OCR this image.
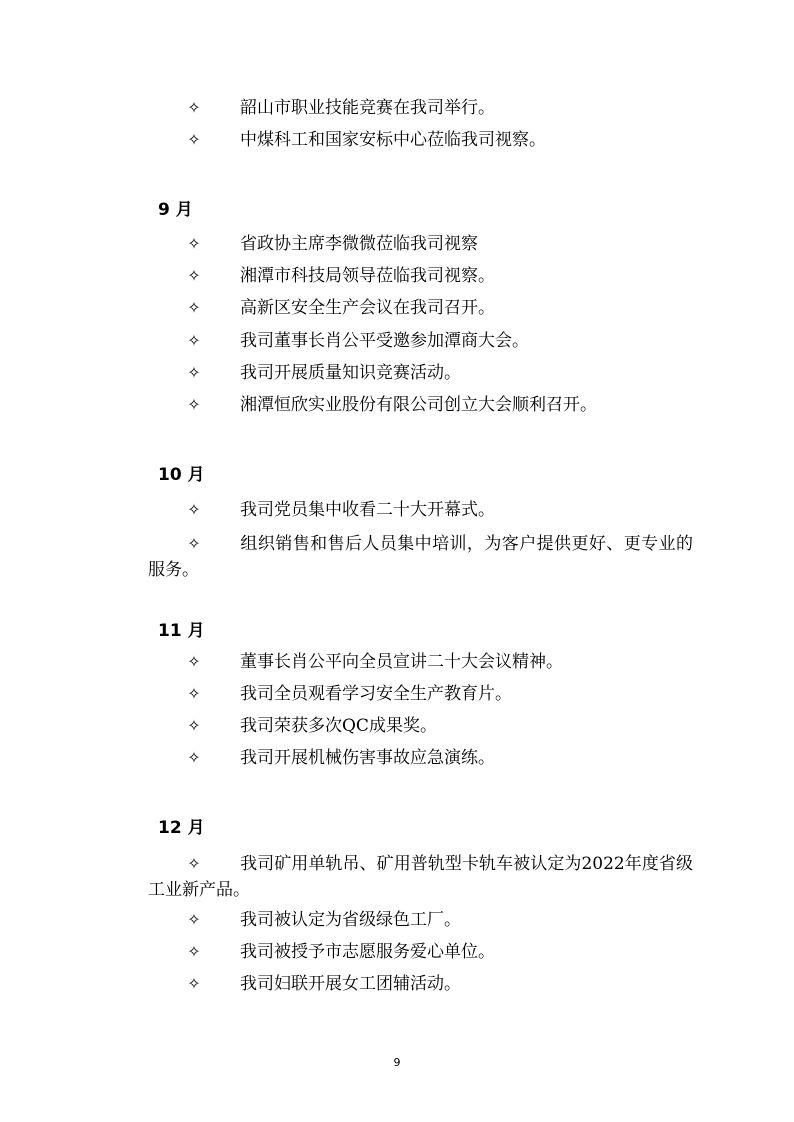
✧ 韶山市职业技能竞赛在我司举行。
✧ 中煤科工和国家安标中心莅临我司视察。
9 月
✧ 省政协主席李微微莅临我司视察
✧ 湘潭市科技局领导莅临我司视察。
✧ 高新区安全生产会议在我司召开。
✧ 我司董事长肖公平受邀参加潭商大会。
✧ 我司开展质量知识竞赛活动。
✧ 湘潭恒欣实业股份有限公司创立大会顺利召开。
10 月
✧ 我司党员集中收看二十大开幕式。
✧ 组织销售和售后人员集中培训，为客户提供更好、更专业的服务。
11 月
✧ 董事长肖公平向全员宣讲二十大会议精神。
✧ 我司全员观看学习安全生产教育片。
✧ 我司荣获多次QC成果奖。
✧ 我司开展机械伤害事故应急演练。
12 月
✧ 我司矿用单轨吊、矿用普轨型卡轨车被认定为2022年度省级工业新产品。
✧ 我司被认定为省级绿色工厂。
✧ 我司被授予市志愿服务爱心单位。
✧ 我司妇联开展女工团辅活动。
9
